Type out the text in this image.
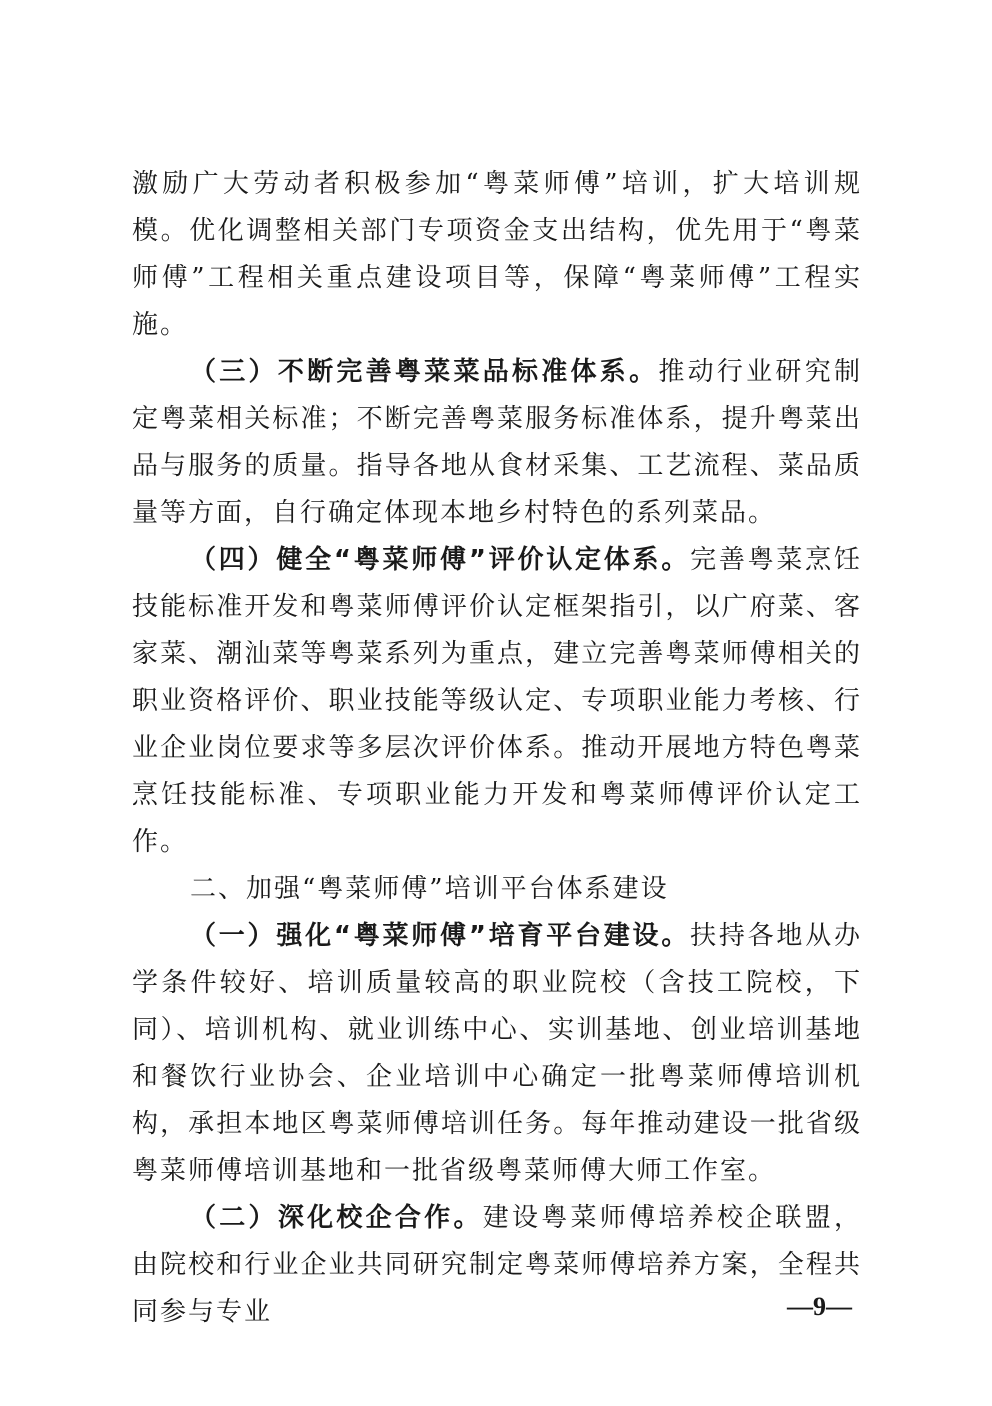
激励广大劳动者积极参加“粤菜师傅”培训，扩大培训规模。优化调整相关部门专项资金支出结构，优先用于“粤菜师傅”工程相关重点建设项目等，保障“粤菜师傅”工程实施。

（三）不断完善粤菜菜品标准体系。推动行业研究制定粤菜相关标准；不断完善粤菜服务标准体系，提升粤菜出品与服务的质量。指导各地从食材采集、工艺流程、菜品质量等方面，自行确定体现本地乡村特色的系列菜品。

（四）健全“粤菜师傅”评价认定体系。完善粤菜烹饪技能标准开发和粤菜师傅评价认定框架指引，以广府菜、客家菜、潮汕菜等粤菜系列为重点，建立完善粤菜师傅相关的职业资格评价、职业技能等级认定、专项职业能力考核、行业企业岗位要求等多层次评价体系。推动开展地方特色粤菜烹饪技能标准、专项职业能力开发和粤菜师傅评价认定工作。

二、加强“粤菜师傅”培训平台体系建设

（一）强化“粤菜师傅”培育平台建设。扶持各地从办学条件较好、培训质量较高的职业院校（含技工院校，下同）、培训机构、就业训练中心、实训基地、创业培训基地和餐饮行业协会、企业培训中心确定一批粤菜师傅培训机构，承担本地区粤菜师傅培训任务。每年推动建设一批省级粤菜师傅培训基地和一批省级粤菜师傅大师工作室。

（二）深化校企合作。建设粤菜师傅培养校企联盟，由院校和行业企业共同研究制定粤菜师傅培养方案，全程共同参与专业	—9—
